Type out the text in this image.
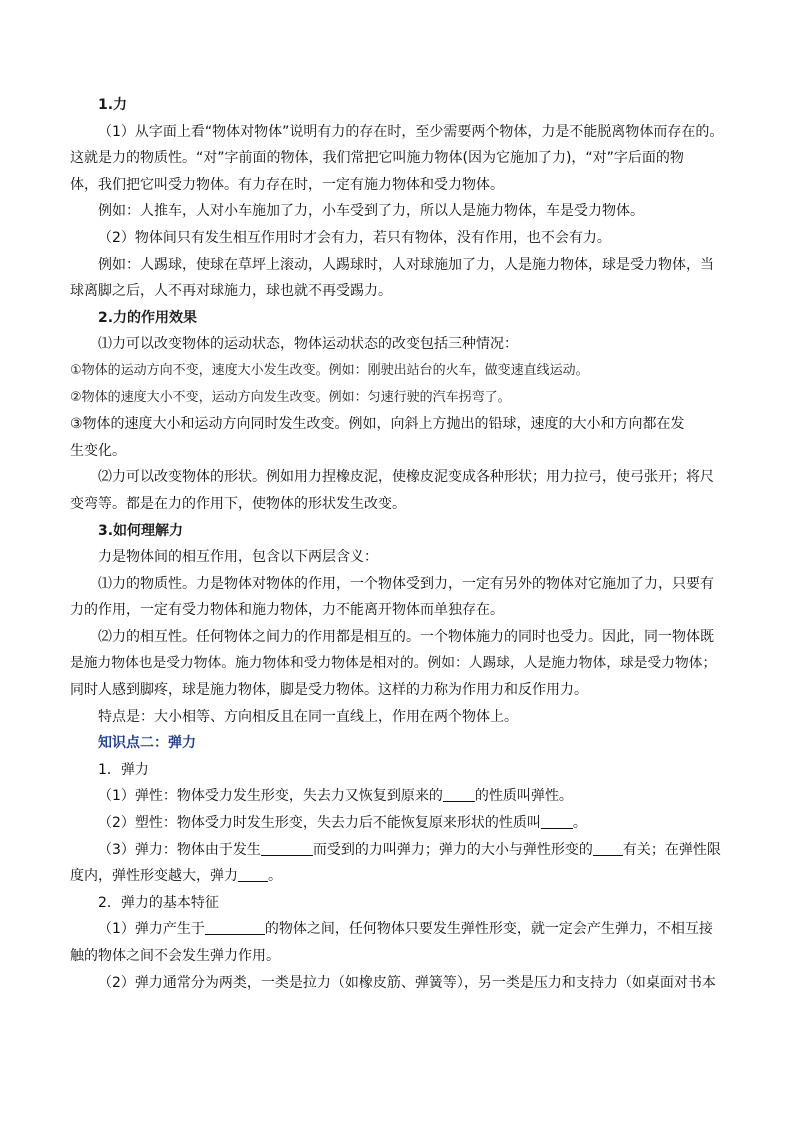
1.力

（1）从字面上看“物体对物体”说明有力的存在时，至少需要两个物体，力是不能脱离物体而存在的。

这就是力的物质性。“对”字前面的物体，我们常把它叫施力物体(因为它施加了力)，“对”字后面的物

体，我们把它叫受力物体。有力存在时，一定有施力物体和受力物体。

例如：人推车，人对小车施加了力，小车受到了力，所以人是施力物体，车是受力物体。

（2）物体间只有发生相互作用时才会有力，若只有物体，没有作用，也不会有力。

例如：人踢球，使球在草坪上滚动，人踢球时，人对球施加了力，人是施力物体，球是受力物体，当

球离脚之后，人不再对球施力，球也就不再受踢力。

2.力的作用效果

⑴力可以改变物体的运动状态，物体运动状态的改变包括三种情况：

①物体的运动方向不变，速度大小发生改变。例如：刚驶出站台的火车，做变速直线运动。

②物体的速度大小不变，运动方向发生改变。例如：匀速行驶的汽车拐弯了。

③物体的速度大小和运动方向同时发生改变。例如，向斜上方抛出的铅球，速度的大小和方向都在发

生变化。

⑵力可以改变物体的形状。例如用力捏橡皮泥，使橡皮泥变成各种形状；用力拉弓，使弓张开；将尺

变弯等。都是在力的作用下，使物体的形状发生改变。

3.如何理解力

力是物体间的相互作用，包含以下两层含义：

⑴力的物质性。力是物体对物体的作用，一个物体受到力，一定有另外的物体对它施加了力，只要有

力的作用，一定有受力物体和施力物体，力不能离开物体而单独存在。

⑵力的相互性。任何物体之间力的作用都是相互的。一个物体施力的同时也受力。因此，同一物体既

是施力物体也是受力物体。施力物体和受力物体是相对的。例如：人踢球，人是施力物体，球是受力物体；

同时人感到脚疼，球是施力物体，脚是受力物体。这样的力称为作用力和反作用力。

特点是：大小相等、方向相反且在同一直线上，作用在两个物体上。

知识点二：弹力

1．弹力

（1）弹性：物体受力发生形变，失去力又恢复到原来的 的性质叫弹性。

（2）塑性：物体受力时发生形变，失去力后不能恢复原来形状的性质叫 。

（3）弹力：物体由于发生	而受到的力叫弹力；弹力的大小与弹性形变的 有关；在弹性限

度内，弹性形变越大，弹力 。

2．弹力的基本特征

（1）弹力产生于	的物体之间，任何物体只要发生弹性形变，就一定会产生弹力，不相互接

触的物体之间不会发生弹力作用。

（2）弹力通常分为两类，一类是拉力（如橡皮筋、弹簧等），另一类是压力和支持力（如桌面对书本
